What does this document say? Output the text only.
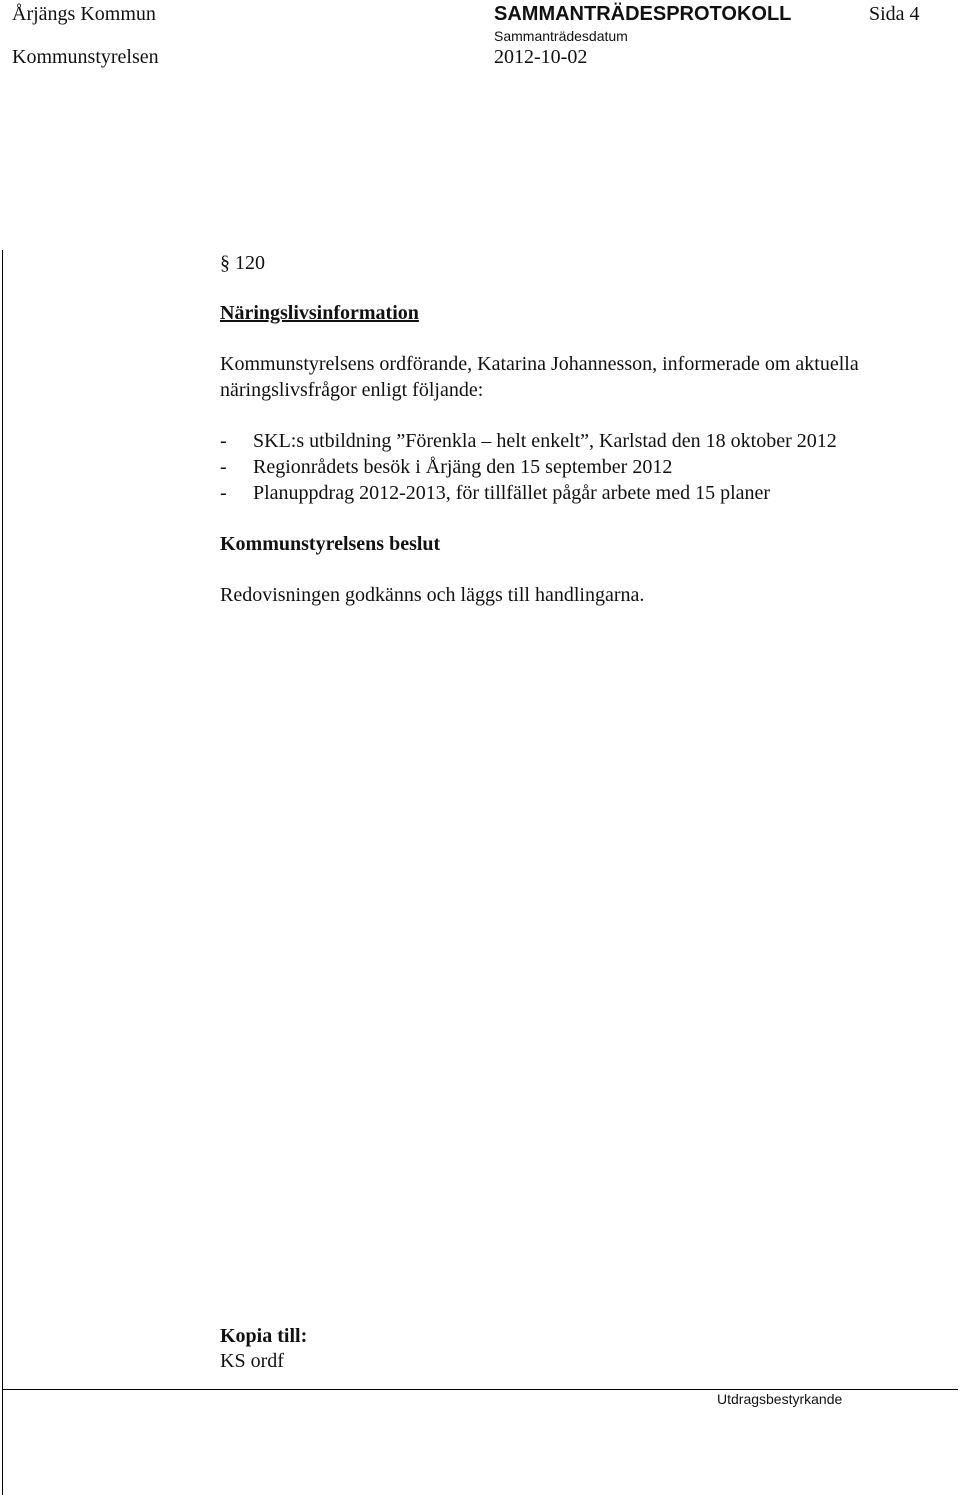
Årjängs Kommun	SAMMANTRÄDESPROTOKOLL	Sida 4
Kommunstyrelsen
Sammanträdesdatum
2012-10-02
§ 120
Näringslivsinformation
Kommunstyrelsens ordförande, Katarina Johannesson, informerade om aktuella
näringslivsfrågor enligt följande:
- SKL:s utbildning ”Förenkla – helt enkelt”, Karlstad den 18 oktober 2012
- Regionrådets besök i Årjäng den 15 september 2012
- Planuppdrag 2012-2013, för tillfället pågår arbete med 15 planer
Kommunstyrelsens beslut
Redovisningen godkänns och läggs till handlingarna.
Kopia till:
KS ordf
Utdragsbestyrkande
